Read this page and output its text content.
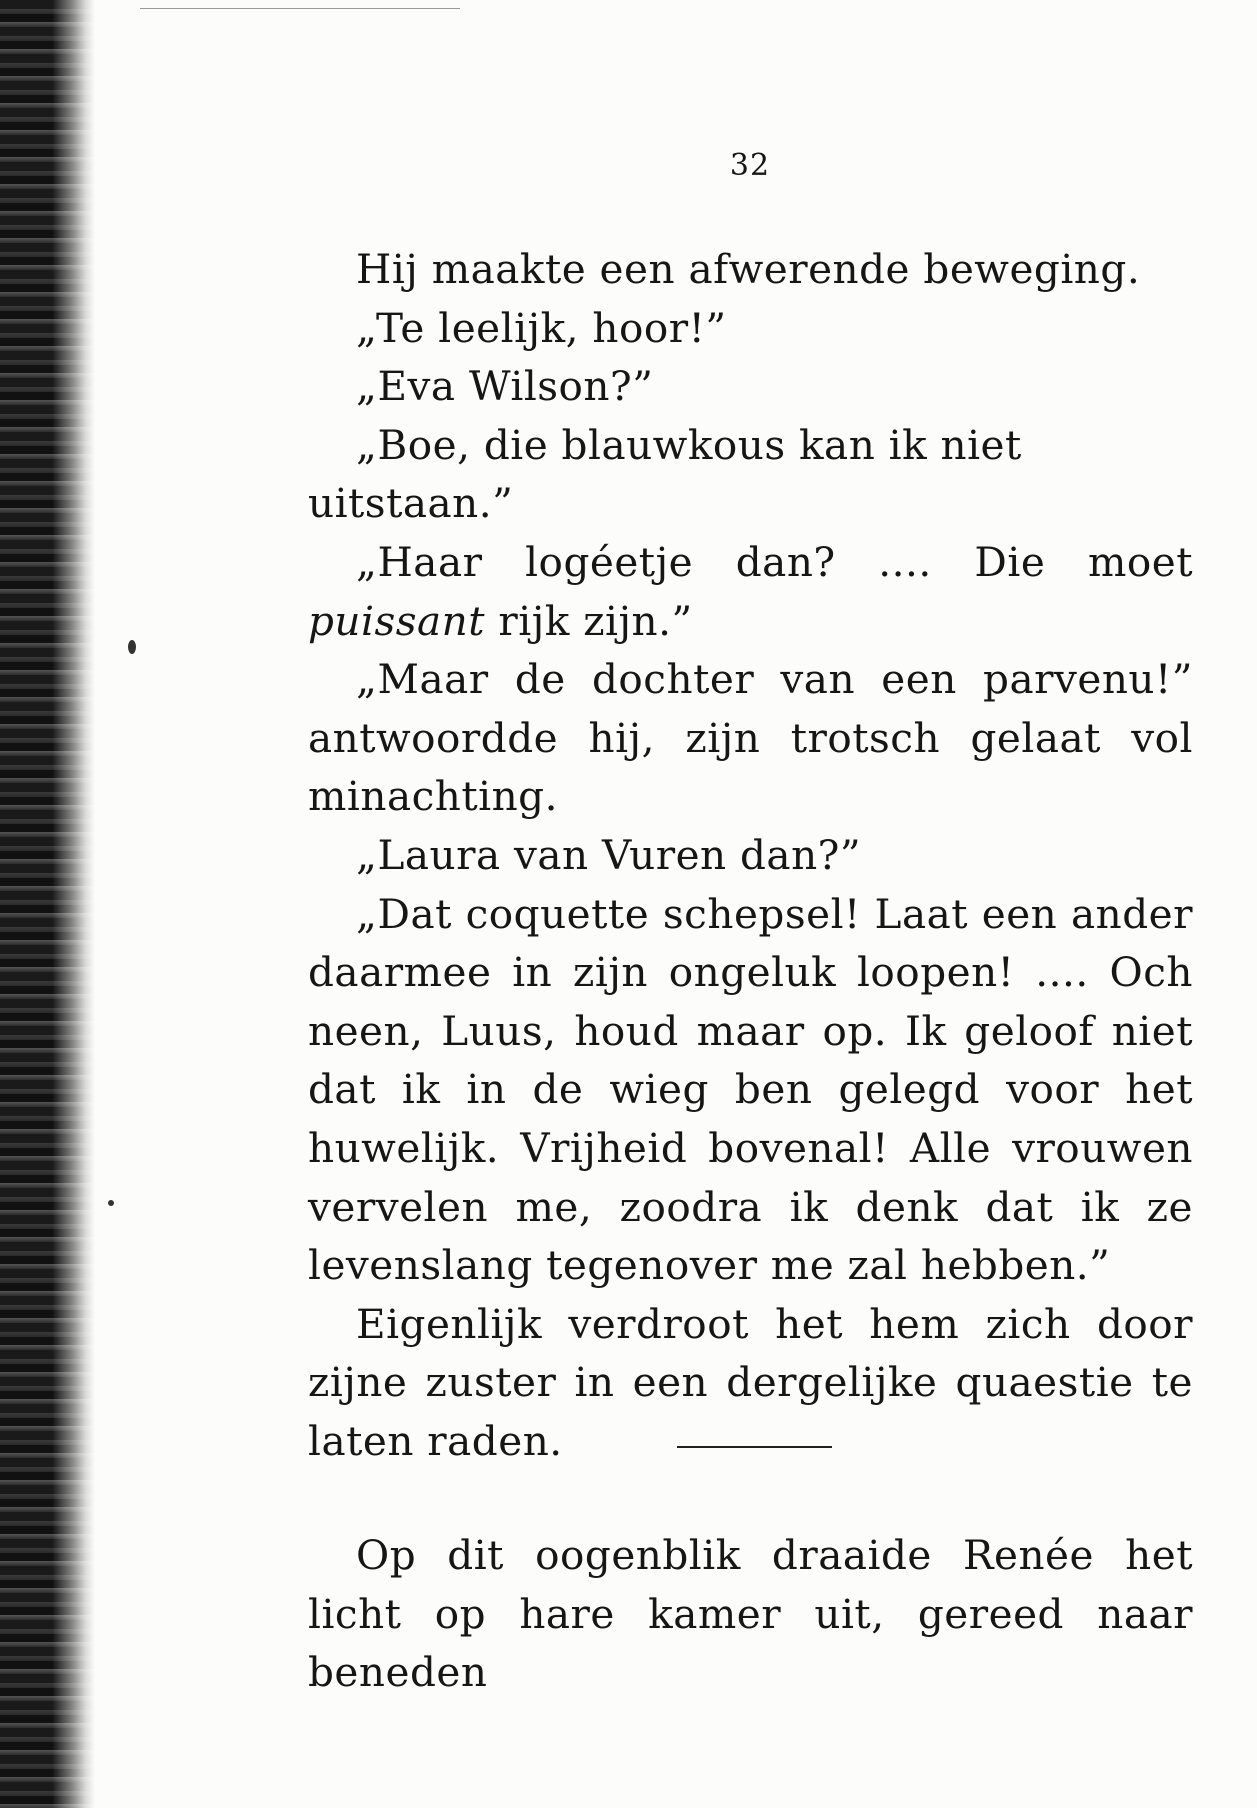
32

Hij maakte een afwerende beweging.

„Te leelijk, hoor!”

„Eva Wilson?”

„Boe, die blauwkous kan ik niet uitstaan.”

„Haar logéetje dan? .... Die moet puissant rijk zijn.”

„Maar de dochter van een parvenu!” antwoordde hij, zijn trotsch gelaat vol minachting.

„Laura van Vuren dan?”

„Dat coquette schepsel! Laat een ander daarmee in zijn ongeluk loopen! .... Och neen, Luus, houd maar op. Ik geloof niet dat ik in de wieg ben gelegd voor het huwelijk. Vrijheid bovenal! Alle vrouwen vervelen me, zoodra ik denk dat ik ze levenslang tegenover me zal hebben.”

Eigenlijk verdroot het hem zich door zijne zuster in een dergelijke quaestie te laten raden.

Op dit oogenblik draaide Renée het licht op hare kamer uit, gereed naar beneden
